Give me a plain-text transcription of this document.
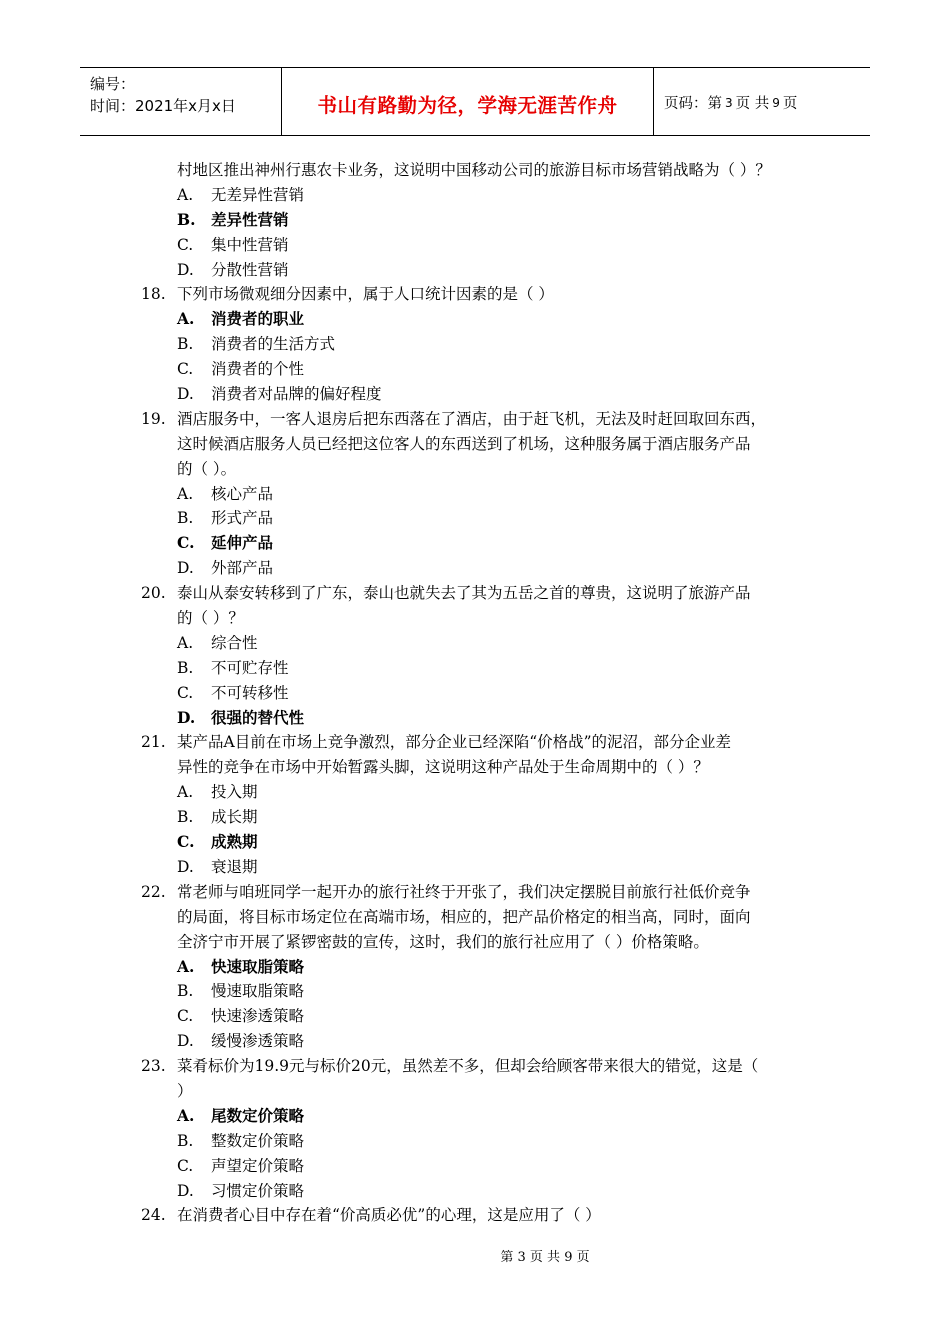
编号：
时间：2021年x月x日	书山有路勤为径，学海无涯苦作舟	页码：第 3 页 共 9 页
村地区推出神州行惠农卡业务，这说明中国移动公司的旅游目标市场营销战略为（ ）？
A. 无差异性营销
B. 差异性营销
C. 集中性营销
D. 分散性营销
18. 下列市场微观细分因素中，属于人口统计因素的是（ ）
A. 消费者的职业
B. 消费者的生活方式
C. 消费者的个性
D. 消费者对品牌的偏好程度
19. 酒店服务中，一客人退房后把东西落在了酒店，由于赶飞机，无法及时赶回取回东西，
这时候酒店服务人员已经把这位客人的东西送到了机场，这种服务属于酒店服务产品
的（ ）。
A. 核心产品
B. 形式产品
C. 延伸产品
D. 外部产品
20. 泰山从泰安转移到了广东，泰山也就失去了其为五岳之首的尊贵，这说明了旅游产品
的（ ）？
A. 综合性
B. 不可贮存性
C. 不可转移性
D. 很强的替代性
21. 某产品A目前在市场上竞争激烈，部分企业已经深陷“价格战”的泥沼，部分企业差
异性的竞争在市场中开始暂露头脚，这说明这种产品处于生命周期中的（ ）？
A. 投入期
B. 成长期
C. 成熟期
D. 衰退期
22. 常老师与咱班同学一起开办的旅行社终于开张了，我们决定摆脱目前旅行社低价竞争
的局面，将目标市场定位在高端市场，相应的，把产品价格定的相当高，同时，面向
全济宁市开展了紧锣密鼓的宣传，这时，我们的旅行社应用了（ ）价格策略。
A. 快速取脂策略
B. 慢速取脂策略
C. 快速渗透策略
D. 缓慢渗透策略
23. 菜肴标价为19.9元与标价20元，虽然差不多，但却会给顾客带来很大的错觉，这是（
）
A. 尾数定价策略
B. 整数定价策略
C. 声望定价策略
D. 习惯定价策略
24. 在消费者心目中存在着“价高质必优”的心理，这是应用了（ ）
第 3 页 共 9 页
